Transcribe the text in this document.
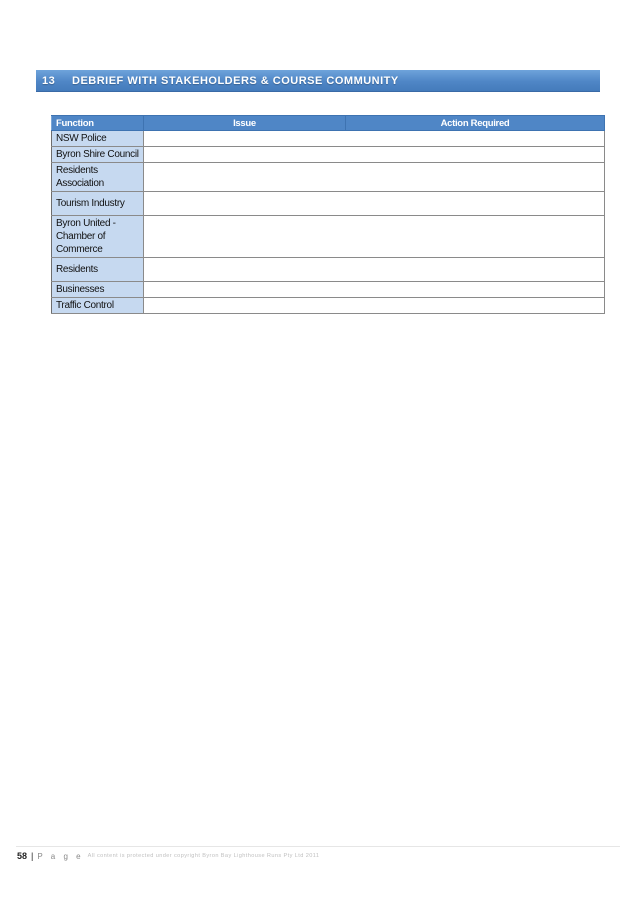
13	DEBRIEF WITH STAKEHOLDERS & COURSE COMMUNITY
Function	Issue	Action Required
NSW Police		
Byron Shire Council		
Residents Association		
Tourism Industry		
Byron United - Chamber of Commerce		
Residents		
Businesses		
Traffic Control		
58 | P a g e All content is protected under copyright Byron Bay Lighthouse Runs Pty Ltd 2011
